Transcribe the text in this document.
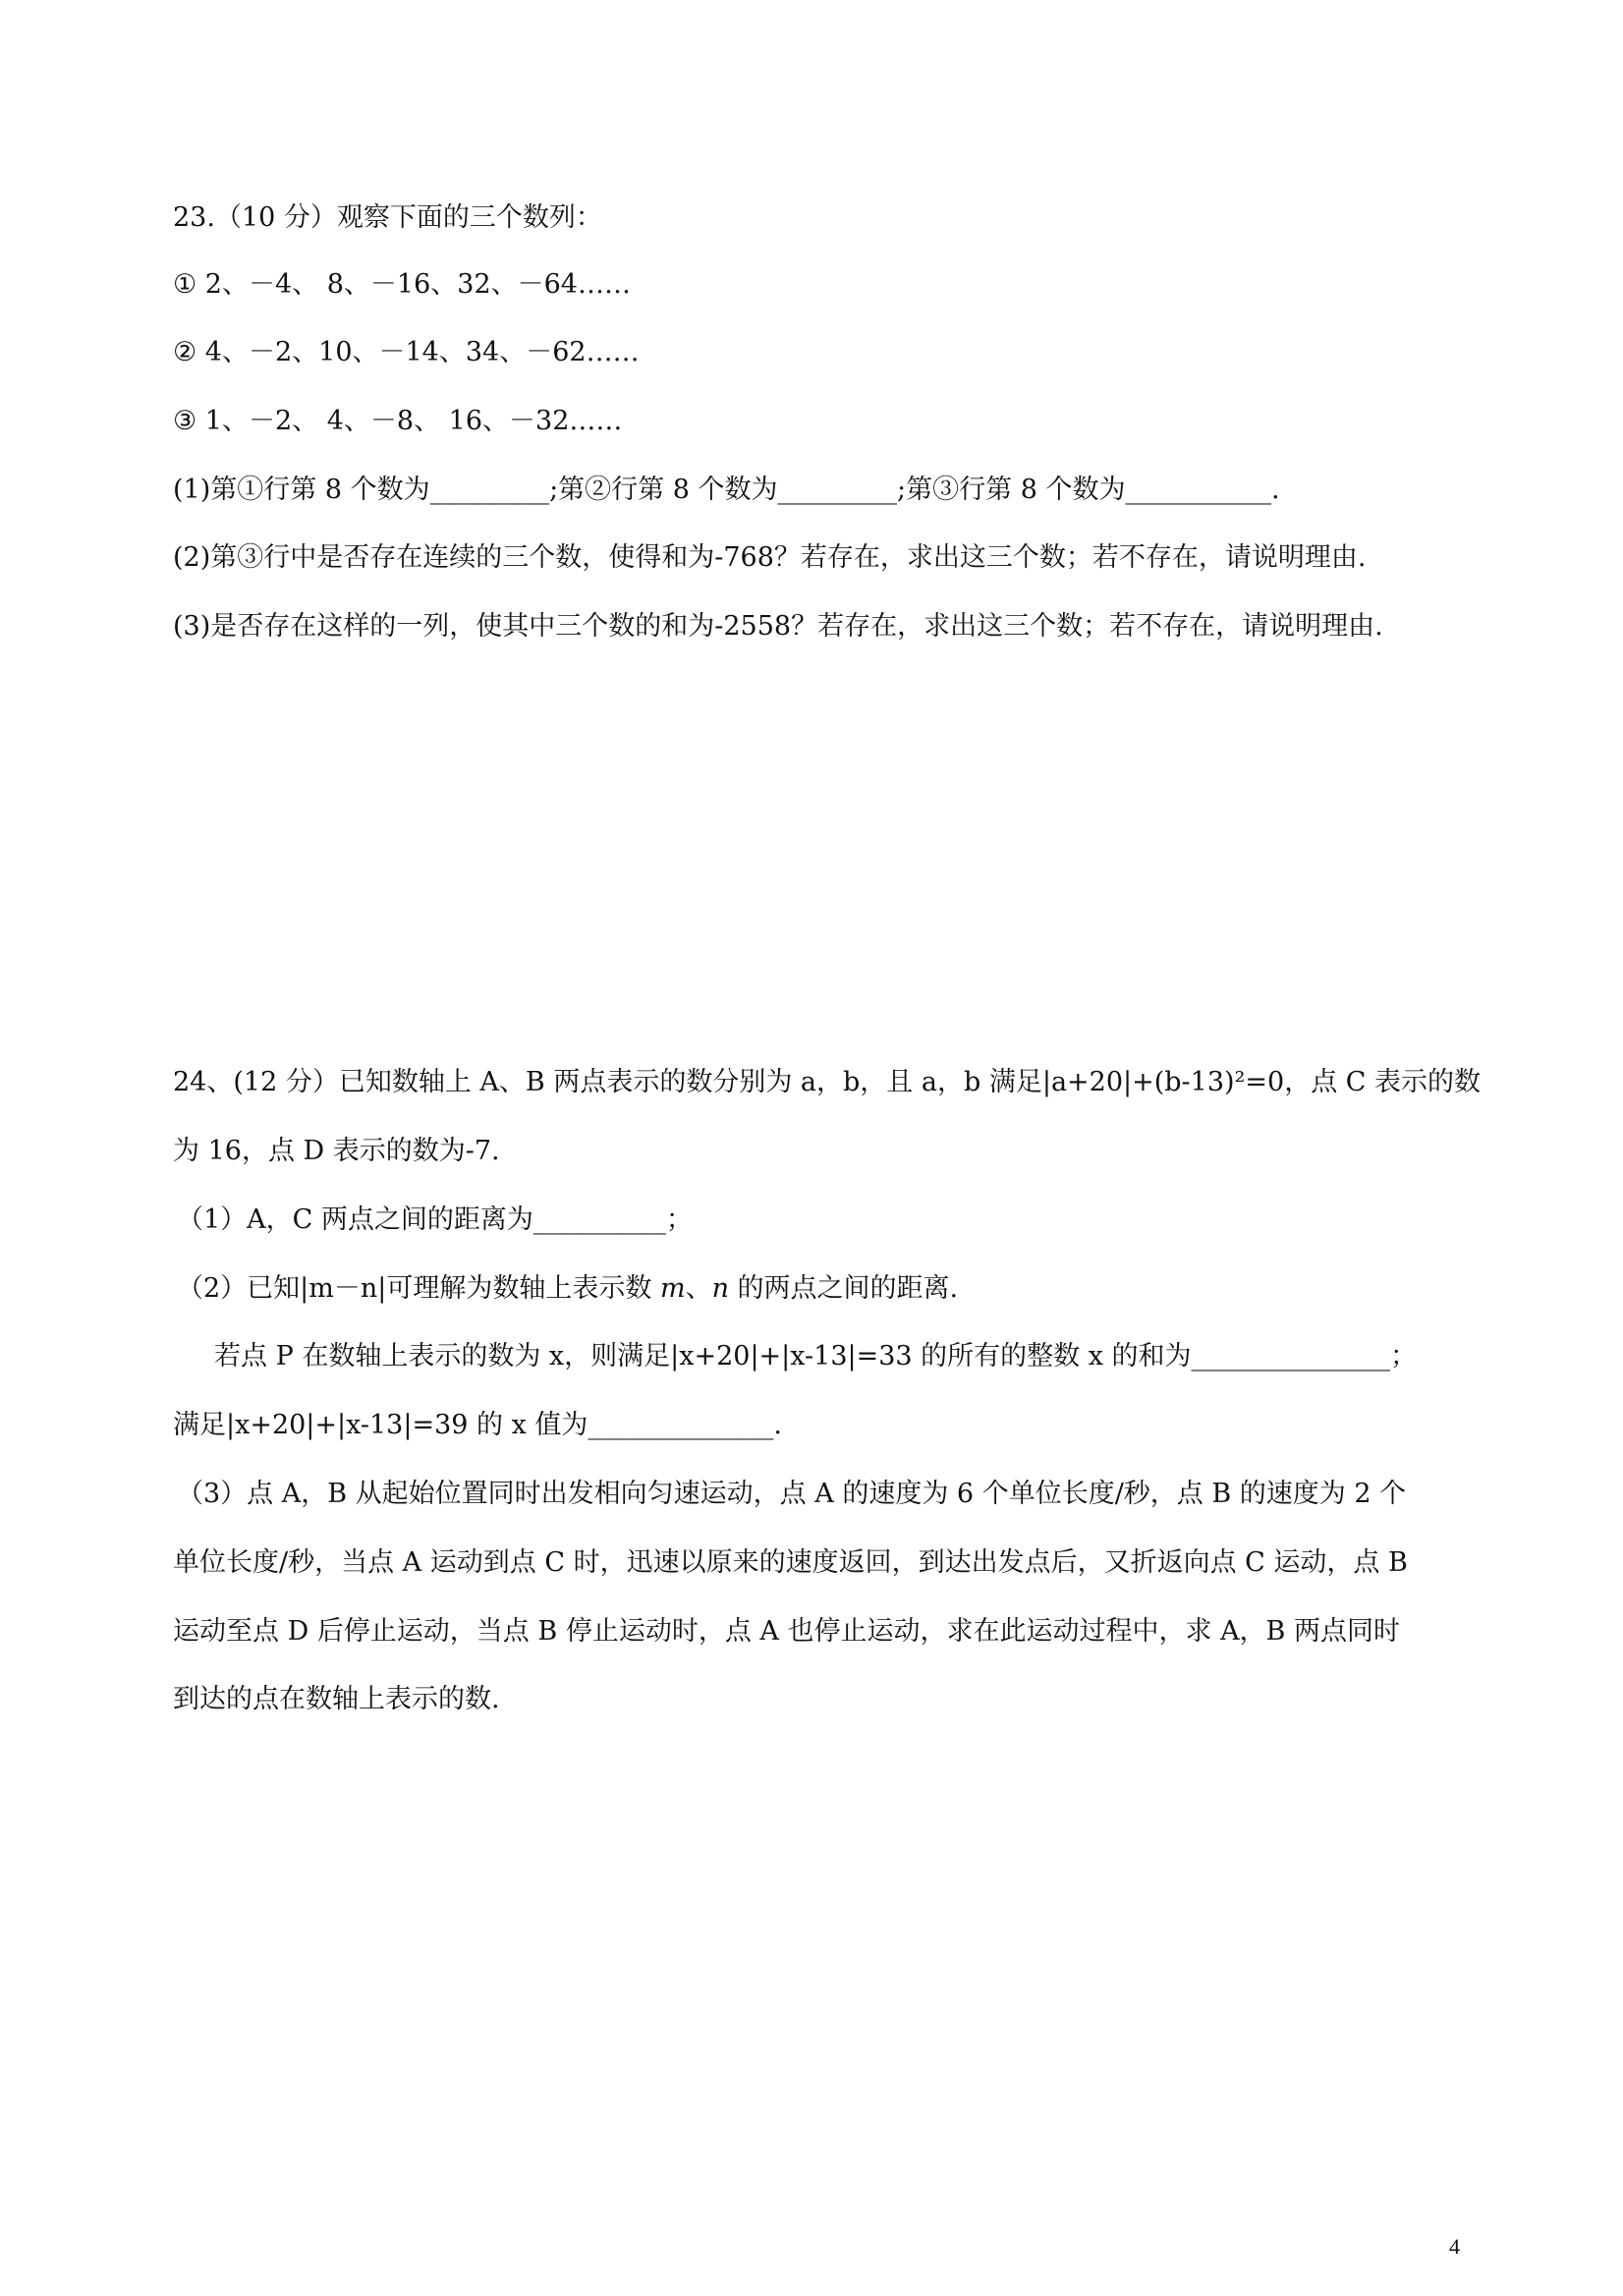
23.（10 分）观察下面的三个数列：
① 2、－4、 8、－16、32、－64……
② 4、－2、10、－14、34、－62……
③ 1、－2、 4、－8、 16、－32……
(1)第①行第 8 个数为_________;第②行第 8 个数为_________;第③行第 8 个数为___________.
(2)第③行中是否存在连续的三个数，使得和为-768？若存在，求出这三个数；若不存在，请说明理由.
(3)是否存在这样的一列，使其中三个数的和为-2558？若存在，求出这三个数；若不存在，请说明理由.
24、(12 分）已知数轴上 A、B 两点表示的数分别为 a，b，且 a，b 满足|a+20|+(b-13)²=0，点 C 表示的数
为 16，点 D 表示的数为-7.
（1）A，C 两点之间的距离为__________；
（2）已知|m－n|可理解为数轴上表示数 m、n 的两点之间的距离.
若点 P 在数轴上表示的数为 x，则满足|x+20|+|x-13|=33 的所有的整数 x 的和为_______________；
满足|x+20|+|x-13|=39 的 x 值为______________.
（3）点 A，B 从起始位置同时出发相向匀速运动，点 A 的速度为 6 个单位长度/秒，点 B 的速度为 2 个
单位长度/秒，当点 A 运动到点 C 时，迅速以原来的速度返回，到达出发点后，又折返向点 C 运动，点 B
运动至点 D 后停止运动，当点 B 停止运动时，点 A 也停止运动，求在此运动过程中，求 A，B 两点同时
到达的点在数轴上表示的数.
4
